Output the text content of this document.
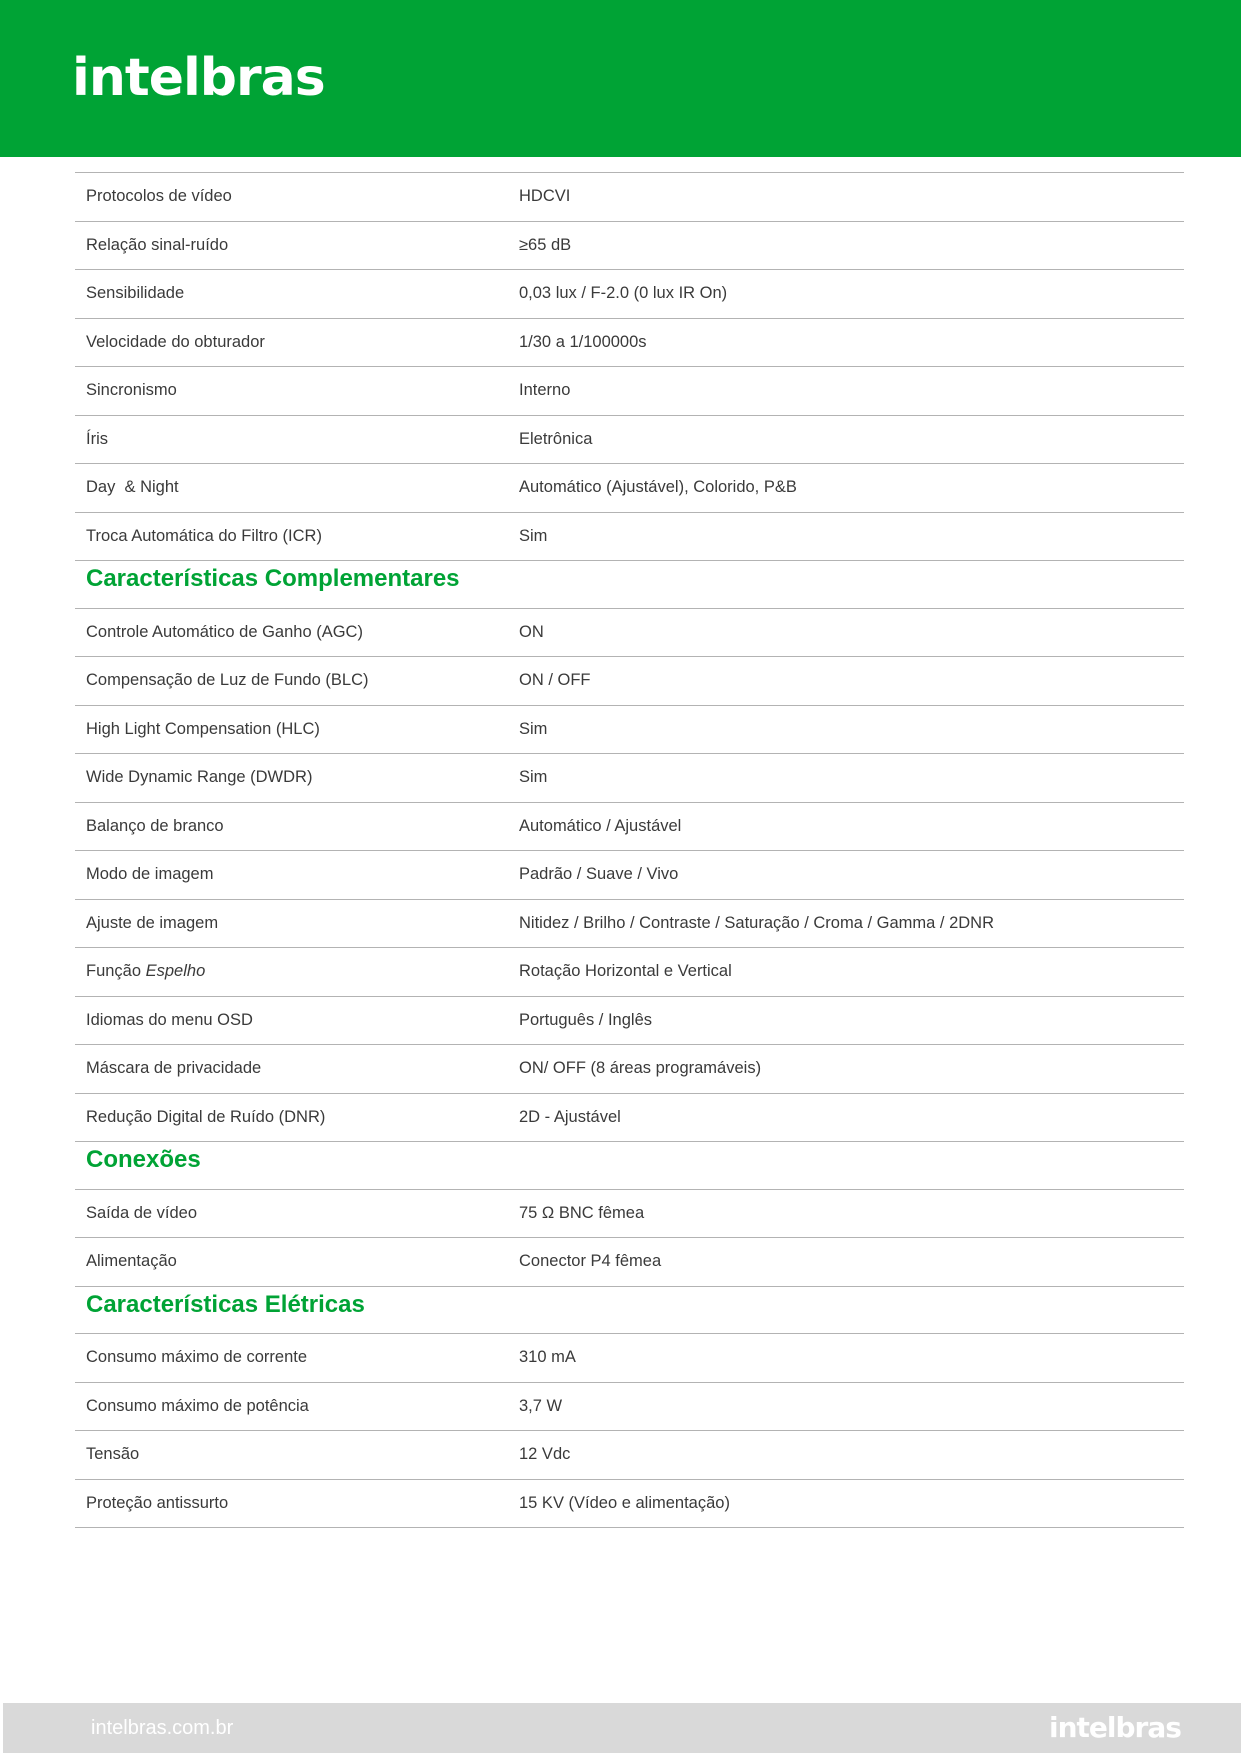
intelbras
Protocolos de vídeo	HDCVI
Relação sinal-ruído	≥65 dB
Sensibilidade	0,03 lux / F-2.0 (0 lux IR On)
Velocidade do obturador	1/30 a 1/100000s
Sincronismo	Interno
Íris	Eletrônica
Day  & Night	Automático (Ajustável), Colorido, P&B
Troca Automática do Filtro (ICR)	Sim
Características Complementares
Controle Automático de Ganho (AGC)	ON
Compensação de Luz de Fundo (BLC)	ON / OFF
High Light Compensation (HLC)	Sim
Wide Dynamic Range (DWDR)	Sim
Balanço de branco	Automático / Ajustável
Modo de imagem	Padrão / Suave / Vivo
Ajuste de imagem	Nitidez / Brilho / Contraste / Saturação / Croma / Gamma / 2DNR
Função Espelho	Rotação Horizontal e Vertical
Idiomas do menu OSD	Português / Inglês
Máscara de privacidade	ON/ OFF (8 áreas programáveis)
Redução Digital de Ruído (DNR)	2D - Ajustável
Conexões
Saída de vídeo	75 Ω BNC fêmea
Alimentação	Conector P4 fêmea
Características Elétricas
Consumo máximo de corrente	310 mA
Consumo máximo de potência	3,7 W
Tensão	12 Vdc
Proteção antissurto	15 KV (Vídeo e alimentação)
intelbras.com.br	intelbras
